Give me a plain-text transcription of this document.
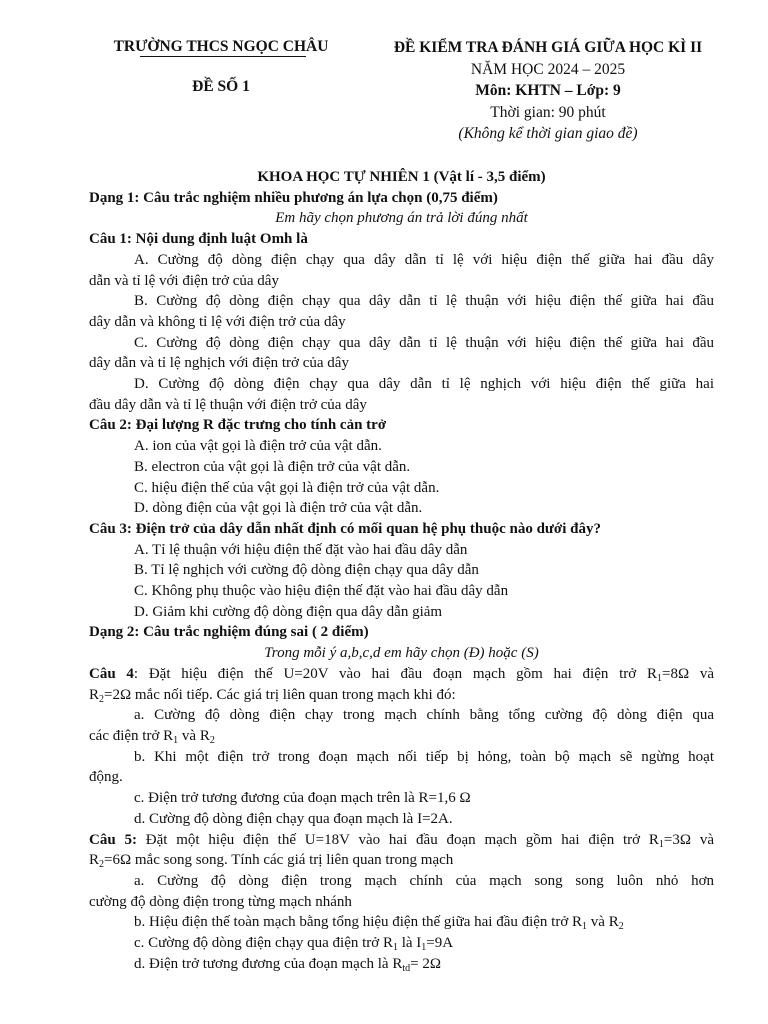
TRƯỜNG THCS NGỌC CHÂU
ĐỀ SỐ 1
ĐỀ KIỂM TRA ĐÁNH GIÁ GIỮA HỌC KÌ II
NĂM HỌC 2024 – 2025
Môn: KHTN – Lớp: 9
Thời gian: 90 phút
(Không kể thời gian giao đề)
KHOA HỌC TỰ NHIÊN 1 (Vật lí - 3,5 điểm)
Dạng 1: Câu trắc nghiệm nhiều phương án lựa chọn (0,75 điểm)
Em hãy chọn phương án trả lời đúng nhất
Câu 1: Nội dung định luật Omh là
A. Cường độ dòng điện chạy qua dây dẫn tỉ lệ với hiệu điện thế giữa hai đầu dây
dẫn và tỉ lệ với điện trở của dây
B. Cường độ dòng điện chạy qua dây dẫn tỉ lệ thuận với hiệu điện thế giữa hai đầu
dây dẫn và không tỉ lệ với điện trở của dây
C. Cường độ dòng điện chạy qua dây dẫn tỉ lệ thuận với hiệu điện thế giữa hai đầu
dây dẫn và tỉ lệ nghịch với điện trở của dây
D. Cường độ dòng điện chạy qua dây dẫn tỉ lệ nghịch với hiệu điện thế giữa hai
đầu dây dẫn và tỉ lệ thuận với điện trở của dây
Câu 2: Đại lượng R đặc trưng cho tính cản trở
A. ion của vật gọi là điện trở của vật dẫn.
B. electron của vật gọi là điện trở của vật dẫn.
C. hiệu điện thế của vật gọi là điện trở của vật dẫn.
D. dòng điện của vật gọi là điện trở của vật dẫn.
Câu 3: Điện trở của dây dẫn nhất định có mối quan hệ phụ thuộc nào dưới đây?
A. Tỉ lệ thuận với hiệu điện thế đặt vào hai đầu dây dẫn
B. Tỉ lệ nghịch với cường độ dòng điện chạy qua dây dẫn
C. Không phụ thuộc vào hiệu điện thế đặt vào hai đầu dây dẫn
D. Giảm khi cường độ dòng điện qua dây dẫn giảm
Dạng 2: Câu trắc nghiệm đúng sai ( 2 điểm)
Trong mỗi ý a,b,c,d em hãy chọn (Đ) hoặc (S)
Câu 4: Đặt hiệu điện thế U=20V vào hai đầu đoạn mạch gồm hai điện trở $R_1=8\Omega$ và
$R_2=2\Omega$ mắc nối tiếp. Các giá trị liên quan trong mạch khi đó:
a. Cường độ dòng điện chạy trong mạch chính bằng tổng cường độ dòng điện qua
các điện trở $R_1$ và $R_2$
b. Khi một điện trở trong đoạn mạch nối tiếp bị hỏng, toàn bộ mạch sẽ ngừng hoạt
động.
c. Điện trở tương đương của đoạn mạch trên là R=1,6 Ω
d. Cường độ dòng điện chạy qua đoạn mạch là I=2A.
Câu 5: Đặt một hiệu điện thế U=18V vào hai đầu đoạn mạch gồm hai điện trở $R_1=3\Omega$ và
$R_2=6\Omega$ mắc song song. Tính các giá trị liên quan trong mạch
a. Cường độ dòng điện trong mạch chính của mạch song song luôn nhỏ hơn
cường độ dòng điện trong từng mạch nhánh
b. Hiệu điện thế toàn mạch bằng tổng hiệu điện thế giữa hai đầu điện trở $R_1$ và $R_2$
c. Cường độ dòng điện chạy qua điện trở $R_1$ là $I_1=9A$
d. Điện trở tương đương của đoạn mạch là $R_{td}= 2\Omega$
